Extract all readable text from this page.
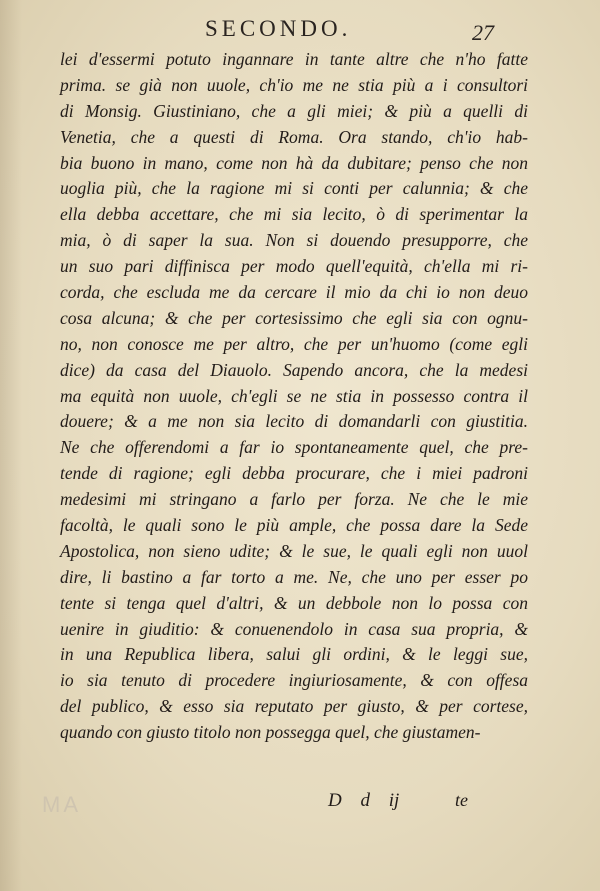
SECONDO.	27
lei d'essermi potuto ingannare in tante altre che n'ho fatte
prima. se già non uuole, ch'io me ne stia più a i consultori
di Monsig. Giustiniano, che a gli miei; & più a quelli di
Venetia, che a questi di Roma. Ora stando, ch'io hab-
bia buono in mano, come non hà da dubitare; penso che non
uoglia più, che la ragione mi si conti per calunnia; & che
ella debba accettare, che mi sia lecito, ò di sperimentar la
mia, ò di saper la sua. Non si douendo presupporre, che
un suo pari diffinisca per modo quell'equità, ch'ella mi ri-
corda, che escluda me da cercare il mio da chi io non deuo
cosa alcuna; & che per cortesissimo che egli sia con ognu-
no, non conosce me per altro, che per un'huomo (come egli
dice) da casa del Diauolo. Sapendo ancora, che la medesi
ma equità non uuole, ch'egli se ne stia in possesso contra il
douere; & a me non sia lecito di domandarli con giustitia.
Ne che offerendomi a far io spontaneamente quel, che pre-
tende di ragione; egli debba procurare, che i miei padroni
medesimi mi stringano a farlo per forza. Ne che le mie
facoltà, le quali sono le più ample, che possa dare la Sede
Apostolica, non sieno udite; & le sue, le quali egli non uuol
dire, li bastino a far torto a me. Ne, che uno per esser po
tente si tenga quel d'altri, & un debbole non lo possa con
uenire in giuditio: & conuenendolo in casa sua propria, &
in una Republica libera, salui gli ordini, & le leggi sue,
io sia tenuto di procedere ingiuriosamente, & con offesa
del publico, & esso sia reputato per giusto, & per cortese,
quando con giusto titolo non possegga quel, che giustamen-
MA	D d ij	te
